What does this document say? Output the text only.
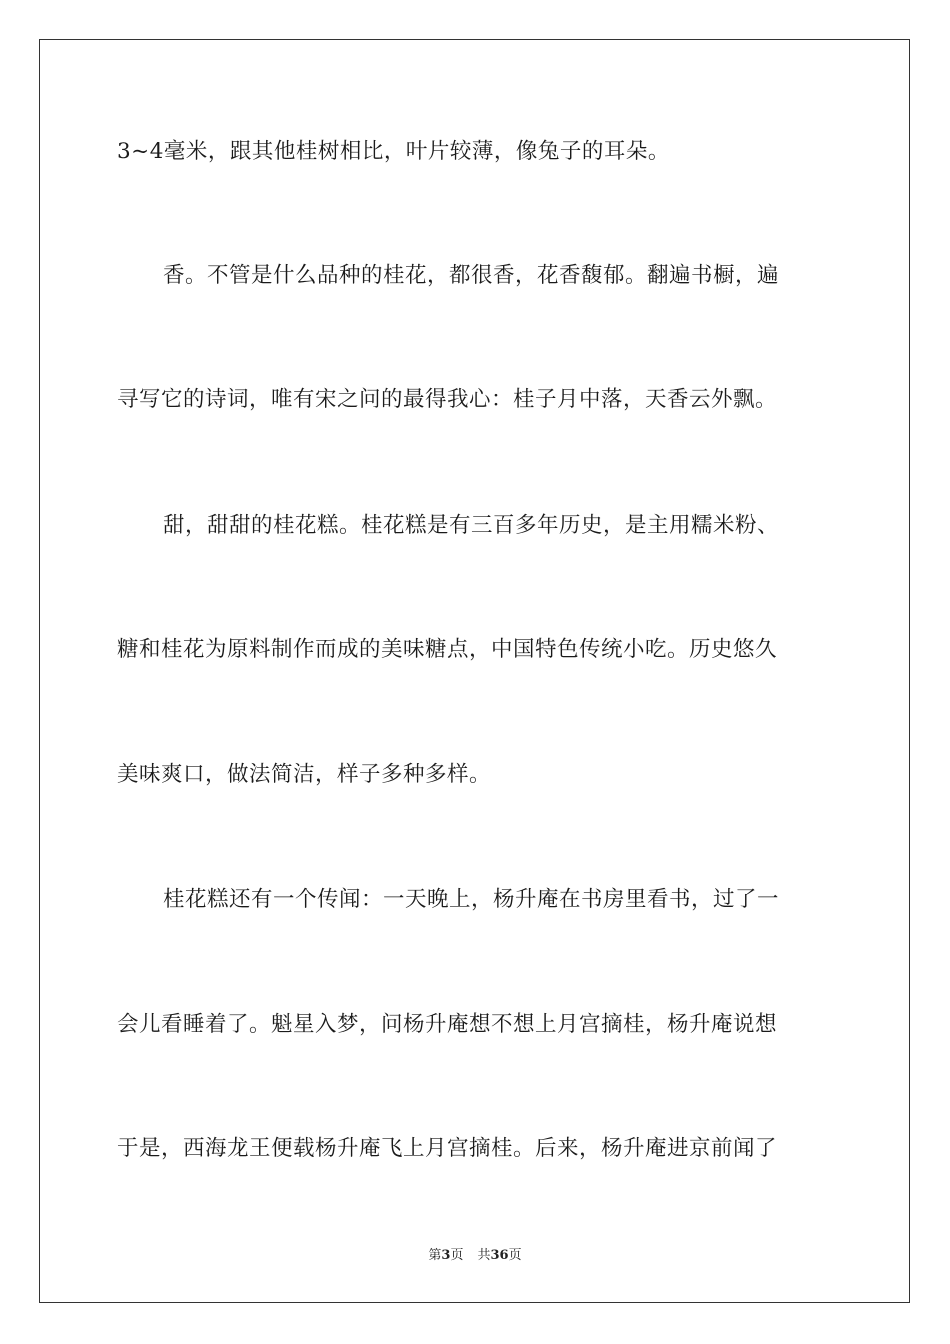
3~4毫米，跟其他桂树相比，叶片较薄，像兔子的耳朵。
香。不管是什么品种的桂花，都很香，花香馥郁。翻遍书橱，遍
寻写它的诗词，唯有宋之问的最得我心：桂子月中落，天香云外飘。
甜，甜甜的桂花糕。桂花糕是有三百多年历史，是主用糯米粉、
糖和桂花为原料制作而成的美味糖点，中国特色传统小吃。历史悠久
美味爽口，做法简洁，样子多种多样。
桂花糕还有一个传闻：一天晚上，杨升庵在书房里看书，过了一
会儿看睡着了。魁星入梦，问杨升庵想不想上月宫摘桂，杨升庵说想
于是，西海龙王便载杨升庵飞上月宫摘桂。后来，杨升庵进京前闻了
第3页 共36页
